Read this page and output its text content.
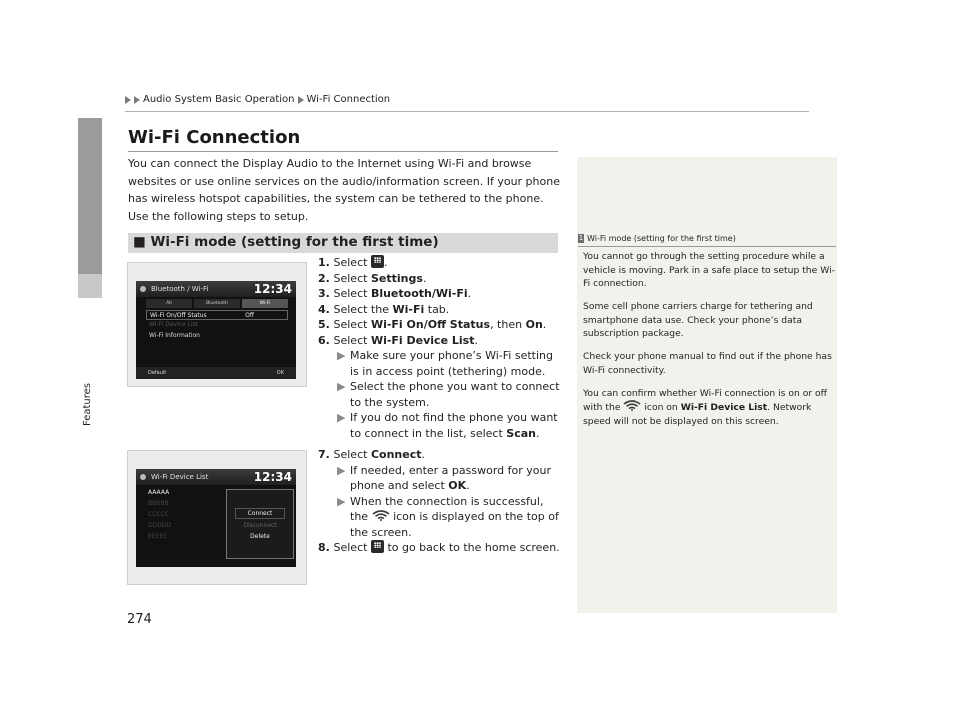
Features
Audio System Basic Operation Wi-Fi Connection
Wi-Fi Connection
You can connect the Display Audio to the Internet using Wi-Fi and browse websites or use online services on the audio/information screen. If your phone has wireless hotspot capabilities, the system can be tethered to the phone. Use the following steps to setup.
■ Wi-Fi mode (setting for the first time)
Bluetooth / Wi-Fi	12:34
All	Bluetooth	Wi-Fi
Wi-Fi On/Off Status	Off
Wi-Fi Device List
Wi-Fi Information
Default	OK
Wi-Fi Device List	12:34
AAAAA
BBBBB
CCCCC
DDDDD
EEEEE
Connect
Disconnect
Delete
1. Select HOME .
2. Select Settings.
3. Select Bluetooth/Wi-Fi.
4. Select the Wi-Fi tab.
5. Select Wi-Fi On/Off Status, then On.
6. Select Wi-Fi Device List.
▶ Make sure your phone’s Wi-Fi setting is in access point (tethering) mode.
▶ Select the phone you want to connect to the system.
▶ If you do not find the phone you want to connect in the list, select Scan.
7. Select Connect.
▶ If needed, enter a password for your phone and select OK.
▶ When the connection is successful, the icon is displayed on the top of the screen.
8. Select HOME to go back to the home screen.
1 Wi-Fi mode (setting for the first time)

You cannot go through the setting procedure while a vehicle is moving. Park in a safe place to setup the Wi-Fi connection.

Some cell phone carriers charge for tethering and smartphone data use. Check your phone’s data subscription package.

Check your phone manual to find out if the phone has Wi-Fi connectivity.

You can confirm whether Wi-Fi connection is on or off with the	icon on Wi-Fi Device List. Network speed will not be displayed on this screen.

274
